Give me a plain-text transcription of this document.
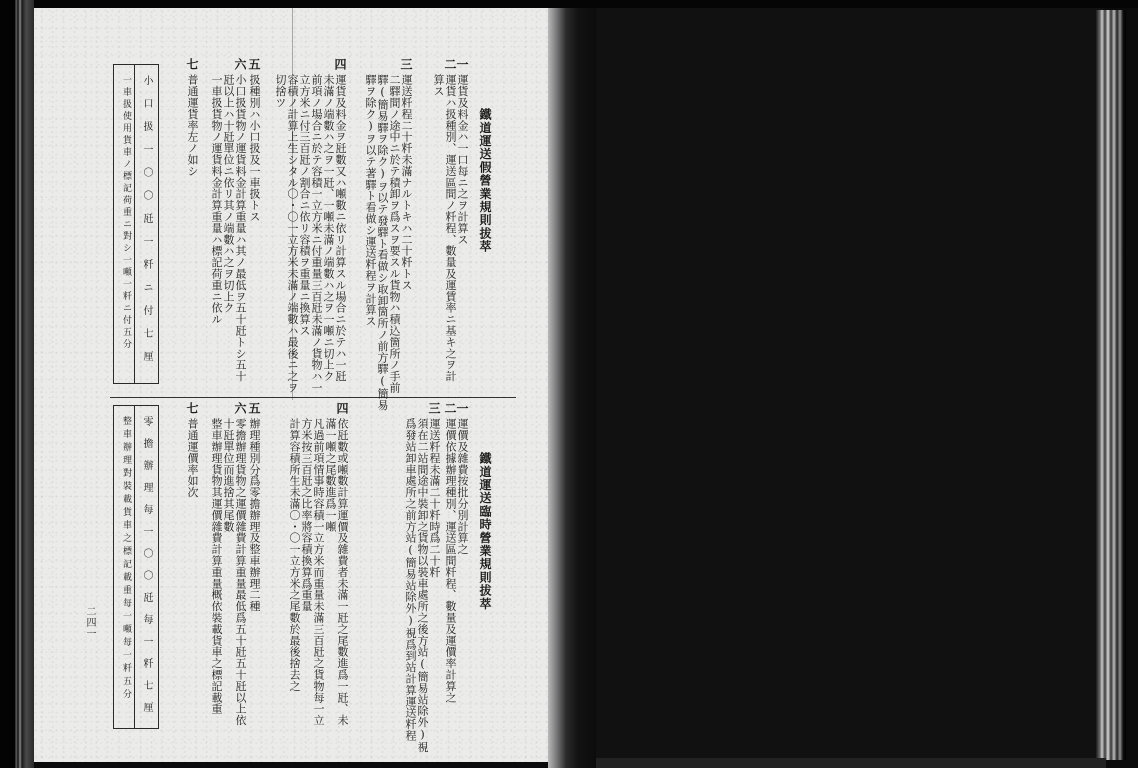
鐵道運送假營業規則拔萃
一
運貨及料金ハ一口每ニ之ヲ計算ス
二
運貨ハ扱種別、運送區間ノ粁程、數量及運賃率ニ基キ之ヲ計
算ス
三
運送粁程二十粁未滿ナルトキハ二十粁トス
二驛間ノ途中ニ於テ積卸ヲ爲スヲ要スル貨物ハ積込箇所ノ手前
驛(簡易驛ヲ除ク)ヲ以テ發驛ト看做シ取卸箇所ノ前方驛(簡易
驛ヲ除ク)ヲ以テ著驛ト看做シ運送粁程ヲ計算ス
四
運貨及料金ヲ瓩數又ハ噸數ニ依リ計算スル場合ニ於テハ一瓩
未滿ノ端數ハ之ヲ一瓩、一噸未滿ノ端數ハ之ヲ一噸ニ切上ク
前項ノ場合ニ於テ容積一立方米ニ付重量三百瓩未滿ノ貨物ハ一
立方米ニ付三百瓩ノ割合ニ依リ容積ヲ重量ニ換算ス
容積ノ計算上生シタル〇・〇一立方米未滿ノ端數ハ最後ニ之ヲ
切捨ツ
五
扱種別ハ小口扱及一車扱トス
六
小口扱貨物ノ運貨料金計算重量ハ其ノ最低ヲ五十瓩トシ五十
瓩以上ハ十瓩單位ニ依リ其ノ端數ハ之ヲ切上ク
一車扱貨物ノ運貨料金計算重量ハ標記荷重ニ依ル
七
普通運貨率左ノ如シ
小口扱一〇〇瓩一粁ニ付七厘
一車扱使用貨車ノ標記荷重ニ對シ一噸一粁ニ付五分
鐵道運送臨時營業規則拔萃
一
運價及雜費按批分別計算之
二
運價依據辦理種別、運送區間粁程、數量及運價率計算之
三
運送粁程未滿二十粁時爲二十粁
須在二站間途中裝卸之貨物以裝車處所之後方站(簡易站除外)視
爲發站卸車處所之前方站(簡易站除外)視爲到站計算運送粁程
四
依瓩數或噸數計算運價及雜費者未滿一瓩之尾數進爲一瓩、未
滿一噸之尾數進爲一噸
凡過前項情事時容積一立方米而重量未滿三百瓩之貨物每一立
方米按三百瓩之比率將容積換算爲重量
計算容積所生未滿〇・〇一立方米之尾數於最後捨去之
五
辦理種別分爲零擔辦理及整車辦理二種
六
零擔辦理貨物之運價雜費計算重量最低爲五十瓩五十瓩以上依
十瓩單位而進捨其尾數
整車辦理貨物其運價雜費計算重量概依裝載貨車之標記載重
七
普通運價率如次
零擔辦理每一〇〇瓩每一粁七厘
整車辦理對裝載貨車之標記載重每一噸每一粁五分
二四一
